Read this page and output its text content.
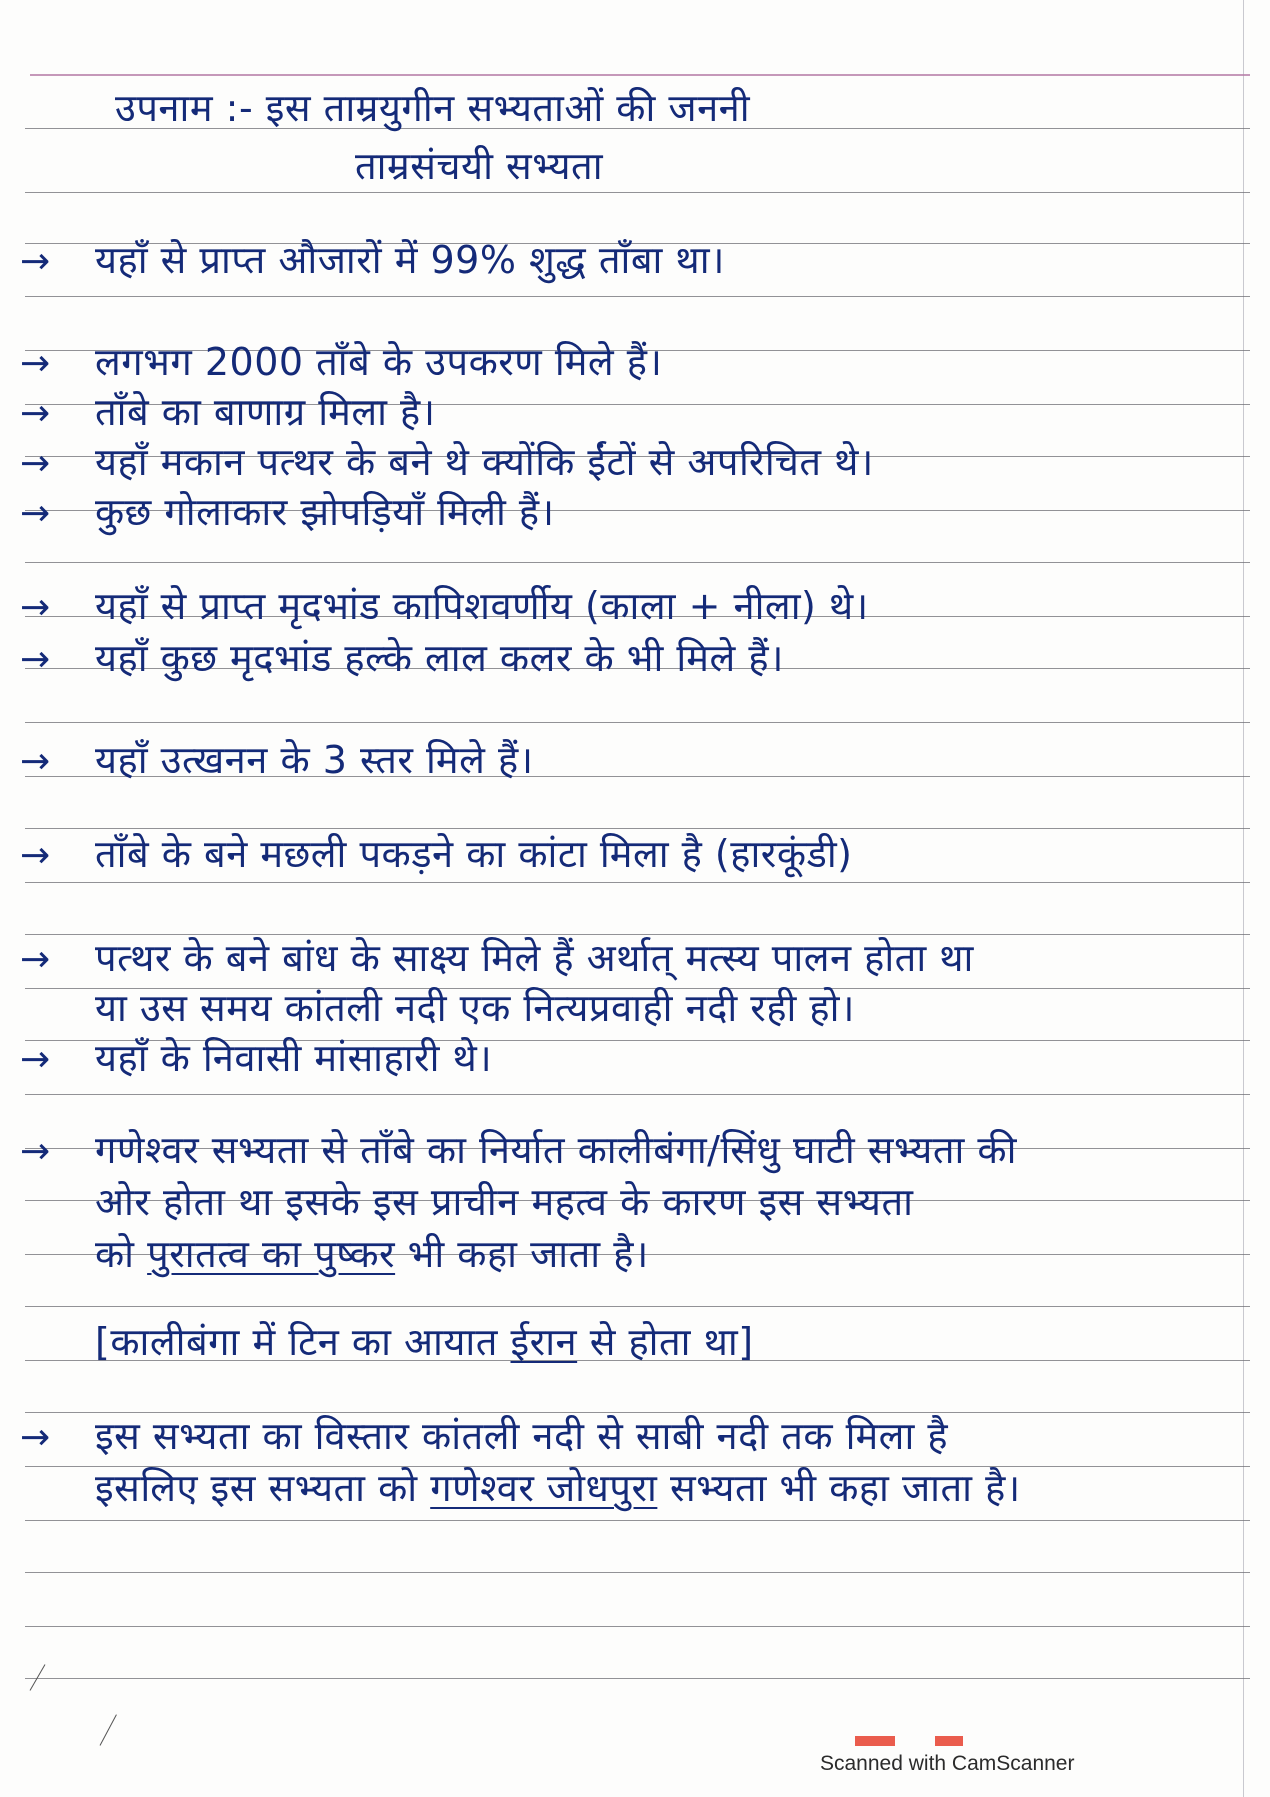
उपनाम :- इस ताम्रयुगीन सभ्यताओं की जननी
ताम्रसंचयी सभ्यता
→ यहाँ से प्राप्त औजारों में 99% शुद्ध ताँबा था।
→ लगभग 2000 ताँबे के उपकरण मिले हैं।
→ ताँबे का बाणाग्र मिला है।
→ यहाँ मकान पत्थर के बने थे क्योंकि ईंटों से अपरिचित थे।
→ कुछ गोलाकार झोपड़ियाँ मिली हैं।
→ यहाँ से प्राप्त मृदभांड कापिशवर्णीय (काला + नीला) थे।
→ यहाँ कुछ मृदभांड हल्के लाल कलर के भी मिले हैं।
→ यहाँ उत्खनन के 3 स्तर मिले हैं।
→ ताँबे के बने मछली पकड़ने का कांटा मिला है (हारकूंडी)
→ पत्थर के बने बांध के साक्ष्य मिले हैं अर्थात् मत्स्य पालन होता था
या उस समय कांतली नदी एक नित्यप्रवाही नदी रही हो।
→ यहाँ के निवासी मांसाहारी थे।
→ गणेश्वर सभ्यता से ताँबे का निर्यात कालीबंगा/सिंधु घाटी सभ्यता की
ओर होता था इसके इस प्राचीन महत्व के कारण इस सभ्यता
को पुरातत्व का पुष्कर भी कहा जाता है।
[कालीबंगा में टिन का आयात ईरान से होता था]
→ इस सभ्यता का विस्तार कांतली नदी से साबी नदी तक मिला है
इसलिए इस सभ्यता को गणेश्वर जोधपुरा सभ्यता भी कहा जाता है।
Scanned with CamScanner
